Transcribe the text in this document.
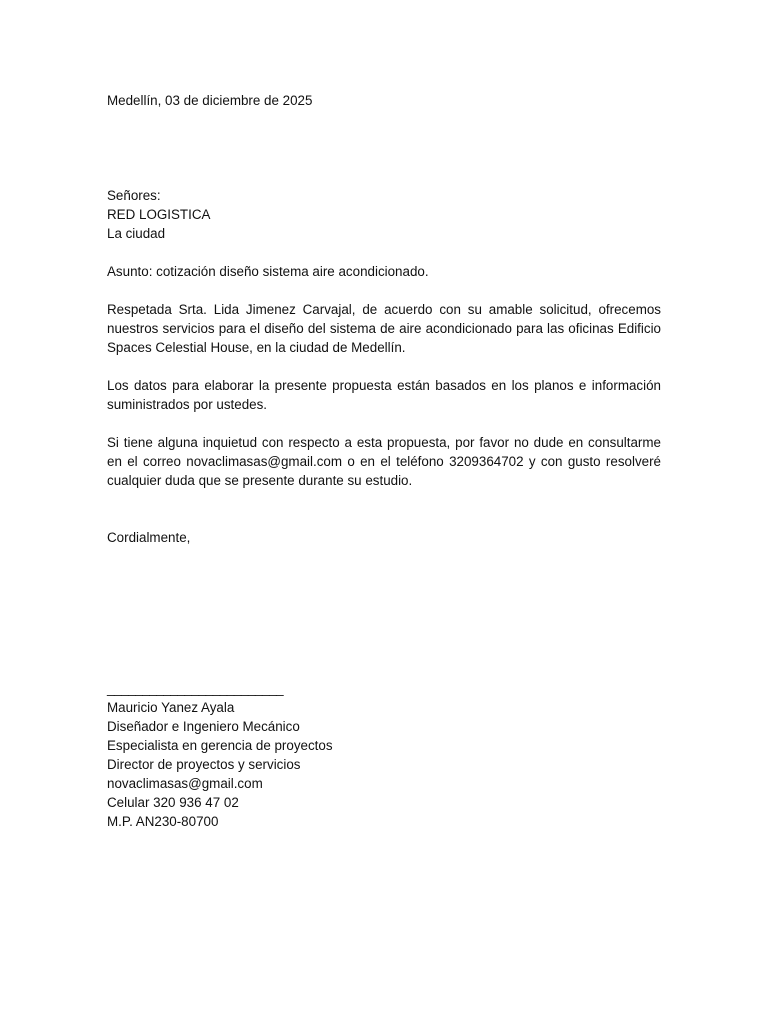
Medellín, 03 de diciembre de 2025
Señores:
RED LOGISTICA
La ciudad
Asunto: cotización diseño sistema aire acondicionado.
Respetada Srta. Lida Jimenez Carvajal, de acuerdo con su amable solicitud, ofrecemos nuestros servicios para el diseño del sistema de aire acondicionado para las oficinas Edificio Spaces Celestial House, en la ciudad de Medellín.
Los datos para elaborar la presente propuesta están basados en los planos e información suministrados por ustedes.
Si tiene alguna inquietud con respecto a esta propuesta, por favor no dude en consultarme en el correo novaclimasas@gmail.com o en el teléfono 3209364702 y con gusto resolveré cualquier duda que se presente durante su estudio.
Cordialmente,
_________________________
Mauricio Yanez Ayala
Diseñador e Ingeniero Mecánico
Especialista en gerencia de proyectos
Director de proyectos y servicios
novaclimasas@gmail.com
Celular 320 936 47 02
M.P. AN230-80700
